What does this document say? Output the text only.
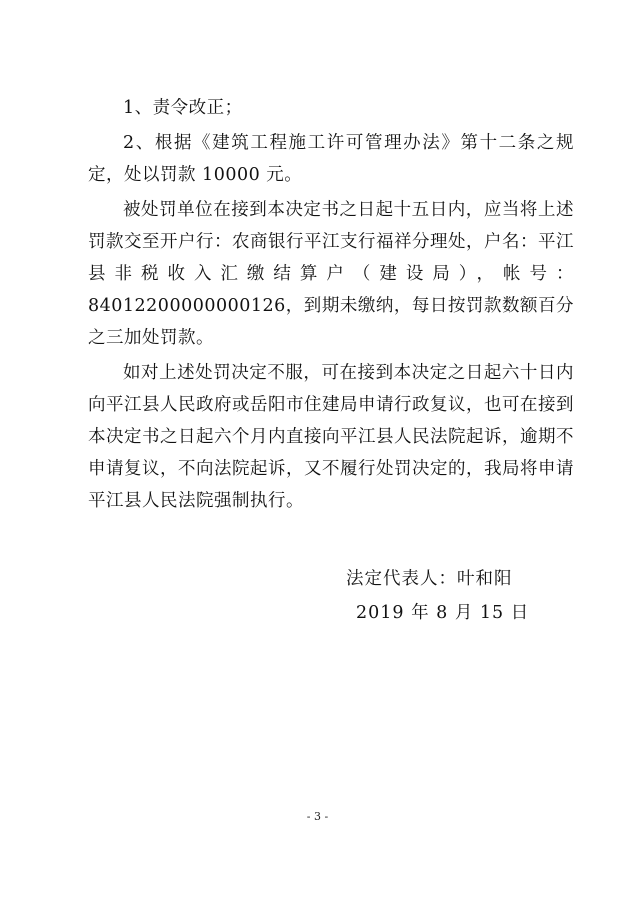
1、责令改正；

2、根据《建筑工程施工许可管理办法》第十二条之规定，处以罚款 10000 元。

被处罚单位在接到本决定书之日起十五日内，应当将上述罚款交至开户行：农商银行平江支行福祥分理处，户名：平江县非税收入汇缴结算户（建设局），帐号：84012200000000126，到期未缴纳，每日按罚款数额百分之三加处罚款。

如对上述处罚决定不服，可在接到本决定之日起六十日内向平江县人民政府或岳阳市住建局申请行政复议，也可在接到本决定书之日起六个月内直接向平江县人民法院起诉，逾期不申请复议，不向法院起诉，又不履行处罚决定的，我局将申请平江县人民法院强制执行。

法定代表人：叶和阳
2019 年 8 月 15 日
- 3 -
